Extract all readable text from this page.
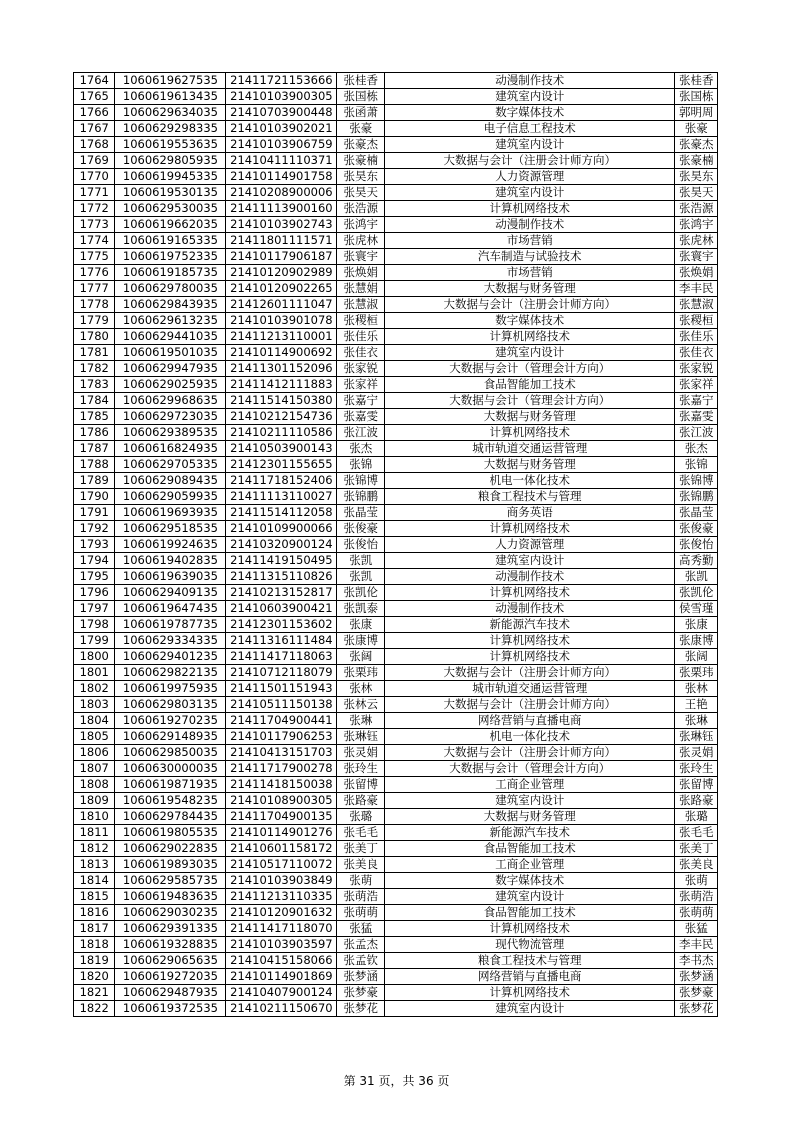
1764	1060619627535	21411721153666	张桂香	动漫制作技术	张桂香
1765	1060619613435	21410103900305	张国栋	建筑室内设计	张国栋
1766	1060629634035	21410703900448	张函萧	数字媒体技术	郭明周
1767	1060629298335	21410103902021	张豪	电子信息工程技术	张豪
1768	1060619553635	21410103906759	张豪杰	建筑室内设计	张豪杰
1769	1060629805935	21410411110371	张豪楠	大数据与会计（注册会计师方向）	张豪楠
1770	1060619945335	21410114901758	张昊东	人力资源管理	张昊东
1771	1060619530135	21410208900006	张昊天	建筑室内设计	张昊天
1772	1060629530035	21411113900160	张浩源	计算机网络技术	张浩源
1773	1060619662035	21410103902743	张鸿宇	动漫制作技术	张鸿宇
1774	1060619165335	21411801111571	张虎林	市场营销	张虎林
1775	1060619752335	21410117906187	张寰宇	汽车制造与试验技术	张寰宇
1776	1060619185735	21410120902989	张焕娟	市场营销	张焕娟
1777	1060629780035	21410120902265	张慧娟	大数据与财务管理	李丰民
1778	1060629843935	21412601111047	张慧淑	大数据与会计（注册会计师方向）	张慧淑
1779	1060629613235	21410103901078	张稷桓	数字媒体技术	张稷桓
1780	1060629441035	21411213110001	张佳乐	计算机网络技术	张佳乐
1781	1060619501035	21410114900692	张佳衣	建筑室内设计	张佳衣
1782	1060629947935	21411301152096	张家锐	大数据与会计（管理会计方向）	张家锐
1783	1060629025935	21411412111883	张家祥	食品智能加工技术	张家祥
1784	1060629968635	21411514150380	张嘉宁	大数据与会计（管理会计方向）	张嘉宁
1785	1060629723035	21410212154736	张嘉雯	大数据与财务管理	张嘉雯
1786	1060629389535	21410211110586	张江波	计算机网络技术	张江波
1787	1060616824935	21410503900143	张杰	城市轨道交通运营管理	张杰
1788	1060629705335	21412301155655	张锦	大数据与财务管理	张锦
1789	1060629089435	21411718152406	张锦博	机电一体化技术	张锦博
1790	1060629059935	21411113110027	张锦鹏	粮食工程技术与管理	张锦鹏
1791	1060619693935	21411514112058	张晶莹	商务英语	张晶莹
1792	1060629518535	21410109900066	张俊豪	计算机网络技术	张俊豪
1793	1060619924635	21410320900124	张俊怡	人力资源管理	张俊怡
1794	1060619402835	21411419150495	张凯	建筑室内设计	高秀勤
1795	1060619639035	21411315110826	张凯	动漫制作技术	张凯
1796	1060629409135	21410213152817	张凯伦	计算机网络技术	张凯伦
1797	1060619647435	21410603900421	张凯泰	动漫制作技术	侯雪瑾
1798	1060619787735	21412301153602	张康	新能源汽车技术	张康
1799	1060629334335	21411316111484	张康博	计算机网络技术	张康博
1800	1060629401235	21411417118063	张阔	计算机网络技术	张阔
1801	1060629822135	21410712118079	张栗玮	大数据与会计（注册会计师方向）	张栗玮
1802	1060619975935	21411501151943	张林	城市轨道交通运营管理	张林
1803	1060629803135	21410511150138	张林云	大数据与会计（注册会计师方向）	王艳
1804	1060619270235	21411704900441	张琳	网络营销与直播电商	张琳
1805	1060629148935	21410117906253	张琳钰	机电一体化技术	张琳钰
1806	1060629850035	21410413151703	张灵娟	大数据与会计（注册会计师方向）	张灵娟
1807	1060630000035	21411717900278	张玲生	大数据与会计（管理会计方向）	张玲生
1808	1060619871935	21411418150038	张留博	工商企业管理	张留博
1809	1060619548235	21410108900305	张路豪	建筑室内设计	张路豪
1810	1060629784435	21411704900135	张璐	大数据与财务管理	张璐
1811	1060619805535	21410114901276	张毛毛	新能源汽车技术	张毛毛
1812	1060629022835	21410601158172	张美丁	食品智能加工技术	张美丁
1813	1060619893035	21410517110072	张美良	工商企业管理	张美良
1814	1060629585735	21410103903849	张萌	数字媒体技术	张萌
1815	1060619483635	21411213110335	张萌浩	建筑室内设计	张萌浩
1816	1060629030235	21410120901632	张萌萌	食品智能加工技术	张萌萌
1817	1060629391335	21411417118070	张猛	计算机网络技术	张猛
1818	1060619328835	21410103903597	张孟杰	现代物流管理	李丰民
1819	1060629065635	21410415158066	张孟钦	粮食工程技术与管理	李书杰
1820	1060619272035	21410114901869	张梦涵	网络营销与直播电商	张梦涵
1821	1060629487935	21410407900124	张梦豪	计算机网络技术	张梦豪
1822	1060619372535	21410211150670	张梦花	建筑室内设计	张梦花
第 31 页，共 36 页
